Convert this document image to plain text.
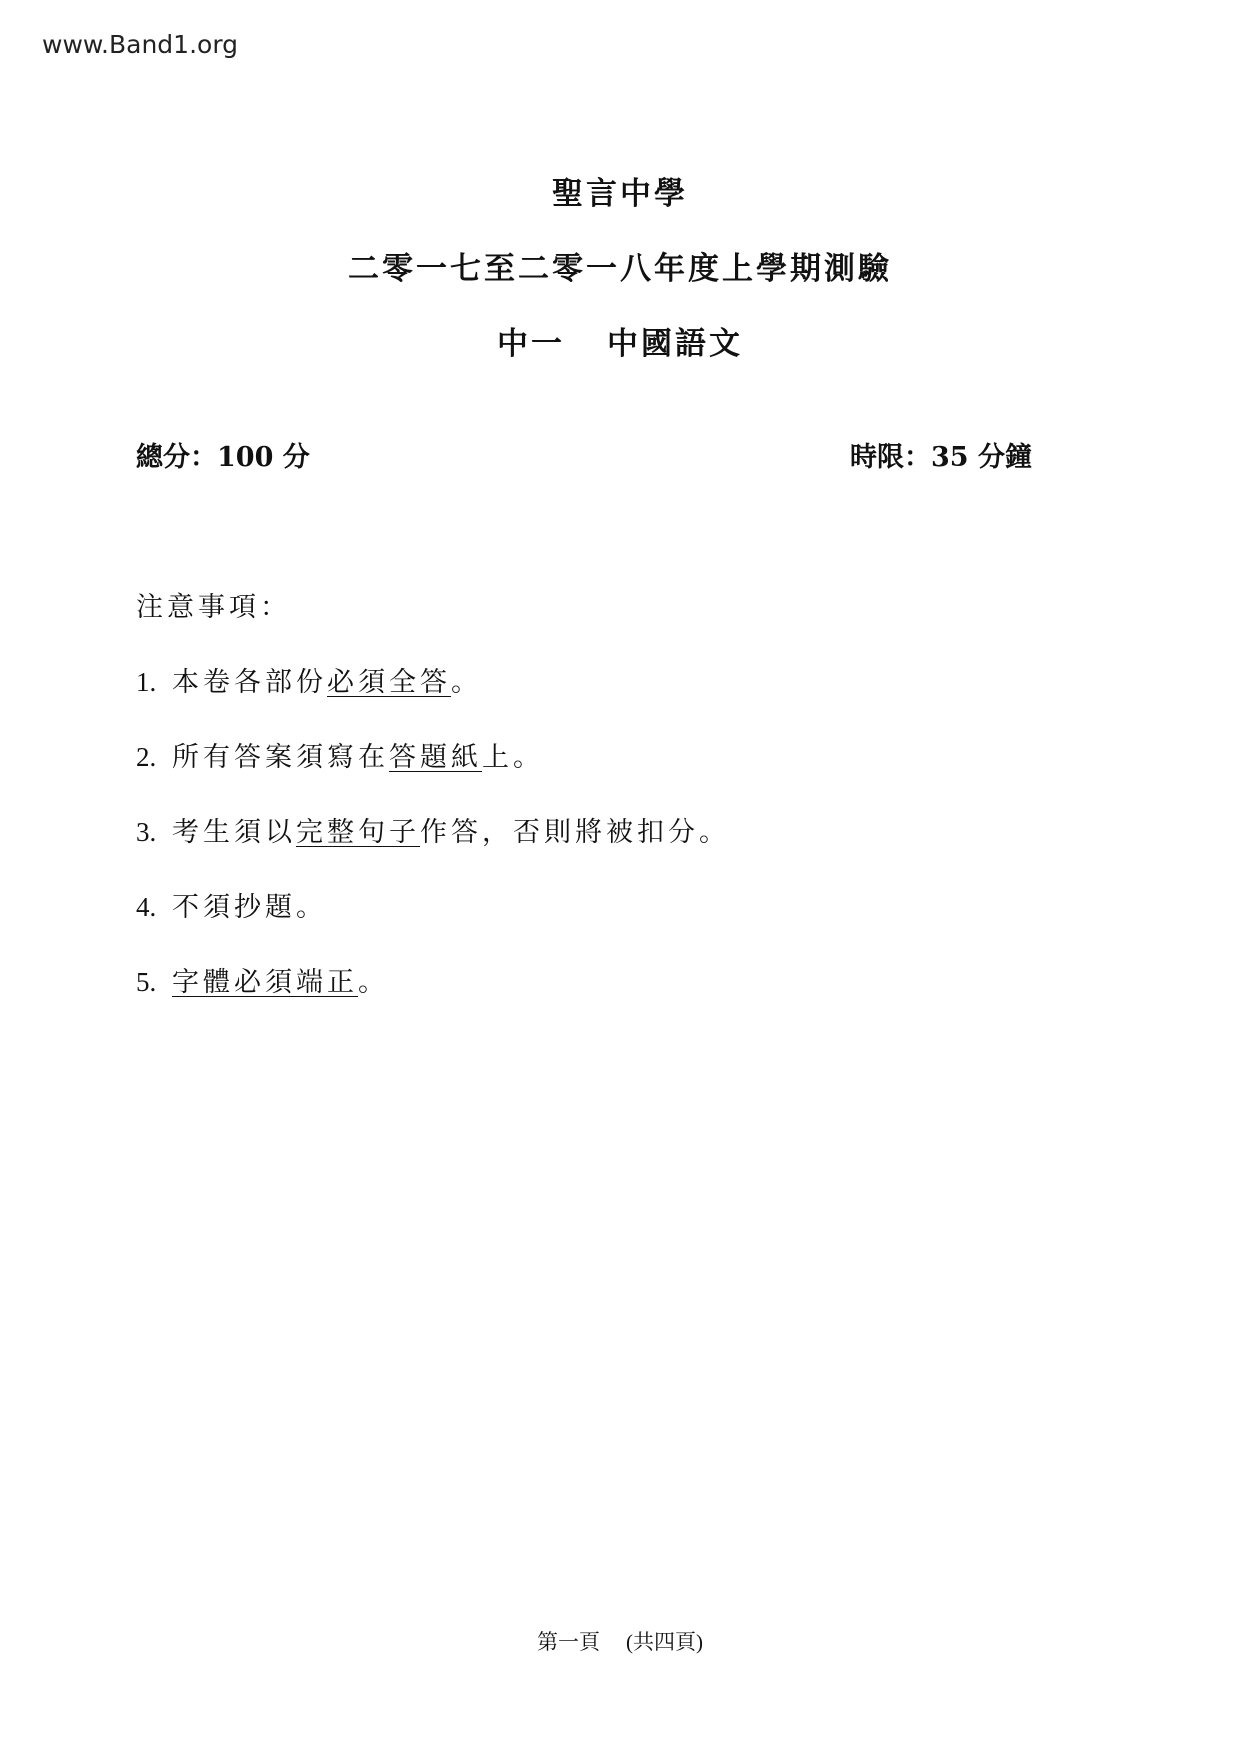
www.Band1.org
聖言中學
二零一七至二零一八年度上學期測驗
中一 中國語文
總分：100 分	時限：35 分鐘
注意事項：
1. 本卷各部份必須全答。
2. 所有答案須寫在答題紙上。
3. 考生須以完整句子作答，否則將被扣分。
4. 不須抄題。
5. 字體必須端正。
第一頁 (共四頁)
